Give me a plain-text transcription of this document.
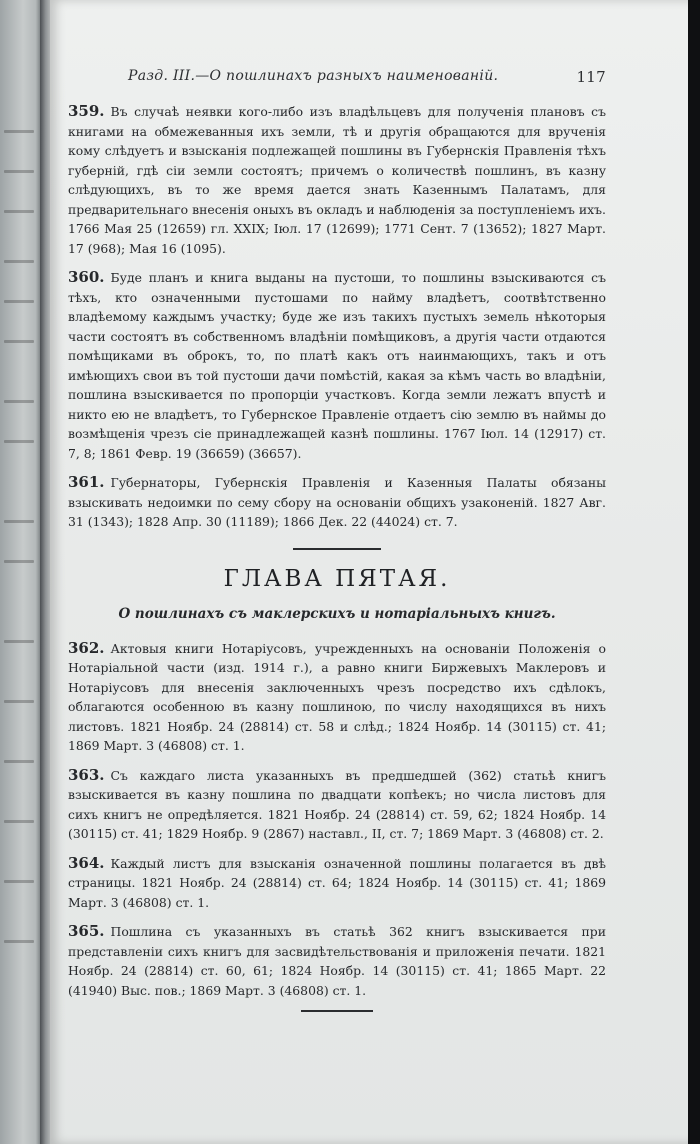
Разд. III.—О пошлинахъ разныхъ наименованій.	117

359. Въ случаѣ неявки кого-либо изъ владѣльцевъ для полученія плановъ съ книгами на обмежеванныя ихъ земли, тѣ и другія обращаются для врученія кому слѣдуетъ и взысканія подлежащей пошлины въ Губернскія Правленія тѣхъ губерній, гдѣ сіи земли состоятъ; причемъ о количествѣ пошлинъ, въ казну слѣдующихъ, въ то же время дается знать Казеннымъ Палатамъ, для предварительнаго внесенія оныхъ въ окладъ и наблюденія за поступленіемъ ихъ. 1766 Мая 25 (12659) гл. XXIX; Іюл. 17 (12699); 1771 Сент. 7 (13652); 1827 Март. 17 (968); Мая 16 (1095).

360. Буде планъ и книга выданы на пустоши, то пошлины взыскиваются съ тѣхъ, кто означенными пустошами по найму владѣетъ, соотвѣтственно владѣемому каждымъ участку; буде же изъ такихъ пустыхъ земель нѣкоторыя части состоятъ въ собственномъ владѣніи помѣщиковъ, а другія части отдаются помѣщиками въ оброкъ, то, по платѣ какъ отъ наинмающихъ, такъ и отъ имѣющихъ свои въ той пустоши дачи помѣстій, какая за кѣмъ часть во владѣніи, пошлина взыскивается по пропорціи участковъ. Когда земли лежатъ впустѣ и никто ею не владѣетъ, то Губернское Правленіе отдаетъ сію землю въ наймы до возмѣщенія чрезъ сіе принадлежащей казнѣ пошлины. 1767 Іюл. 14 (12917) ст. 7, 8; 1861 Февр. 19 (36659) (36657).

361. Губернаторы, Губернскія Правленія и Казенныя Палаты обязаны взыскивать недоимки по сему сбору на основаніи общихъ узаконеній. 1827 Авг. 31 (1343); 1828 Апр. 30 (11189); 1866 Дек. 22 (44024) ст. 7.

ГЛАВА ПЯТАЯ.
О пошлинахъ съ маклерскихъ и нотаріальныхъ книгъ.

362. Актовыя книги Нотаріусовъ, учрежденныхъ на основаніи Положенія о Нотаріальной части (изд. 1914 г.), а равно книги Биржевыхъ Маклеровъ и Нотаріусовъ для внесенія заключенныхъ чрезъ посредство ихъ сдѣлокъ, облагаются особенною въ казну пошлиною, по числу находящихся въ нихъ листовъ. 1821 Ноябр. 24 (28814) ст. 58 и слѣд.; 1824 Ноябр. 14 (30115) ст. 41; 1869 Март. 3 (46808) ст. 1.

363. Съ каждаго листа указанныхъ въ предшедшей (362) статьѣ книгъ взыскивается въ казну пошлина по двадцати копѣекъ; но числа листовъ для сихъ книгъ не опредѣляется. 1821 Ноябр. 24 (28814) ст. 59, 62; 1824 Ноябр. 14 (30115) ст. 41; 1829 Ноябр. 9 (2867) наставл., II, ст. 7; 1869 Март. 3 (46808) ст. 2.

364. Каждый листъ для взысканія означенной пошлины полагается въ двѣ страницы. 1821 Ноябр. 24 (28814) ст. 64; 1824 Ноябр. 14 (30115) ст. 41; 1869 Март. 3 (46808) ст. 1.

365. Пошлина съ указанныхъ въ статьѣ 362 книгъ взыскивается при представленіи сихъ книгъ для засвидѣтельствованія и приложенія печати. 1821 Ноябр. 24 (28814) ст. 60, 61; 1824 Ноябр. 14 (30115) ст. 41; 1865 Март. 22 (41940) Выс. пов.; 1869 Март. 3 (46808) ст. 1.
